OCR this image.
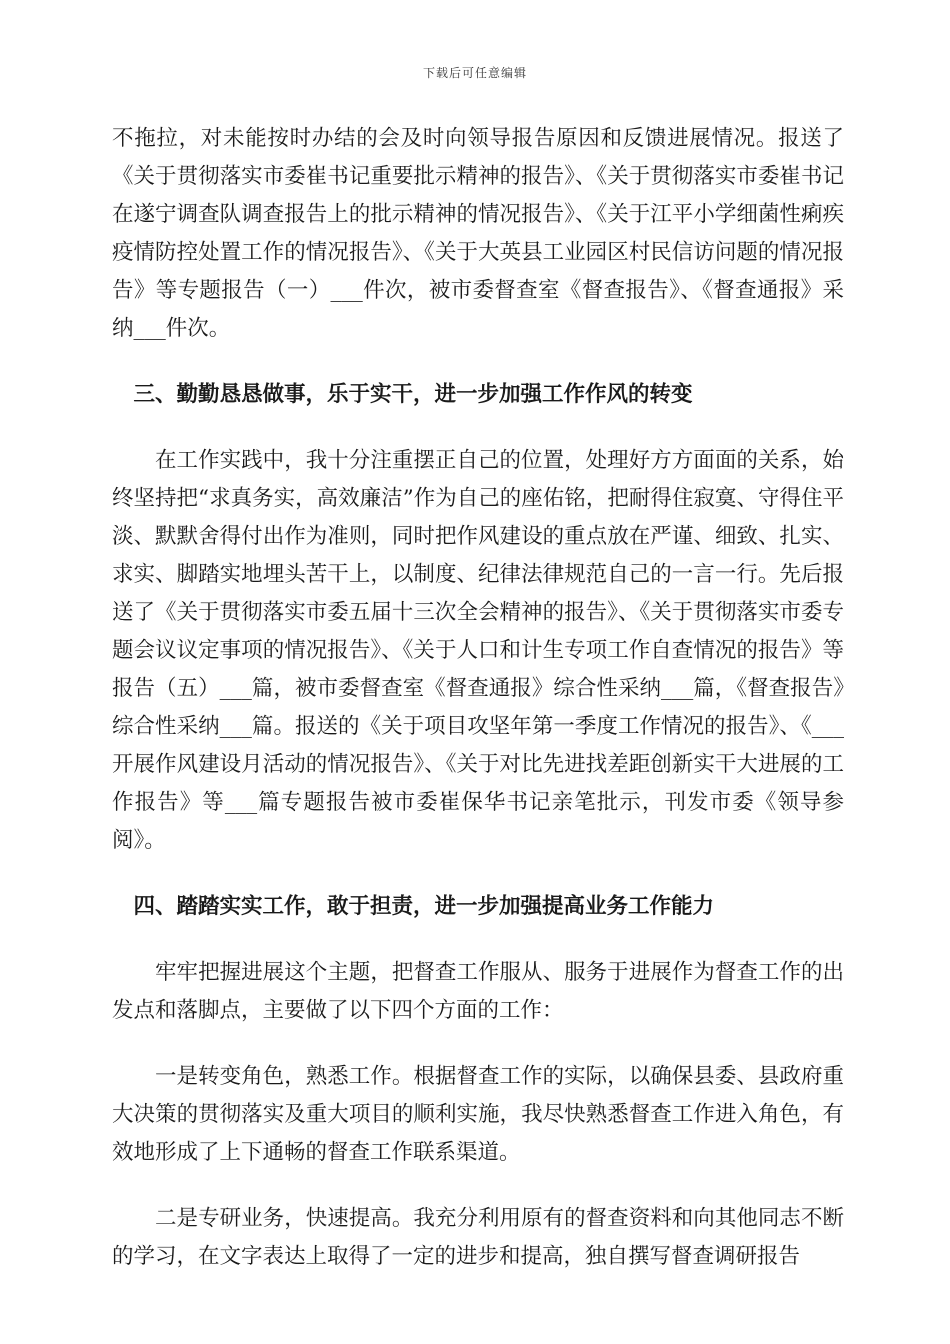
下载后可任意编辑

不拖拉，对未能按时办结的会及时向领导报告原因和反馈进展情况。报送了《关于贯彻落实市委崔书记重要批示精神的报告》、《关于贯彻落实市委崔书记在遂宁调查队调查报告上的批示精神的情况报告》、《关于江平小学细菌性痢疾疫情防控处置工作的情况报告》、《关于大英县工业园区村民信访问题的情况报告》等专题报告（一）___件次，被市委督查室《督查报告》、《督查通报》采纳___件次。

三、勤勤恳恳做事，乐于实干，进一步加强工作作风的转变

在工作实践中，我十分注重摆正自己的位置，处理好方方面面的关系，始终坚持把“求真务实，高效廉洁”作为自己的座佑铭，把耐得住寂寞、守得住平淡、默默舍得付出作为准则，同时把作风建设的重点放在严谨、细致、扎实、求实、脚踏实地埋头苦干上，以制度、纪律法律规范自己的一言一行。先后报送了《关于贯彻落实市委五届十三次全会精神的报告》、《关于贯彻落实市委专题会议议定事项的情况报告》、《关于人口和计生专项工作自查情况的报告》等报告（五）___篇，被市委督查室《督查通报》综合性采纳___篇，《督查报告》综合性采纳___篇。报送的《关于项目攻坚年第一季度工作情况的报告》、《___开展作风建设月活动的情况报告》、《关于对比先进找差距创新实干大进展的工作报告》等___篇专题报告被市委崔保华书记亲笔批示，刊发市委《领导参阅》。

四、踏踏实实工作，敢于担责，进一步加强提高业务工作能力

牢牢把握进展这个主题，把督查工作服从、服务于进展作为督查工作的出发点和落脚点，主要做了以下四个方面的工作：

一是转变角色，熟悉工作。根据督查工作的实际，以确保县委、县政府重大决策的贯彻落实及重大项目的顺利实施，我尽快熟悉督查工作进入角色，有效地形成了上下通畅的督查工作联系渠道。

二是专研业务，快速提高。我充分利用原有的督查资料和向其他同志不断的学习，在文字表达上取得了一定的进步和提高，独自撰写督查调研报告
